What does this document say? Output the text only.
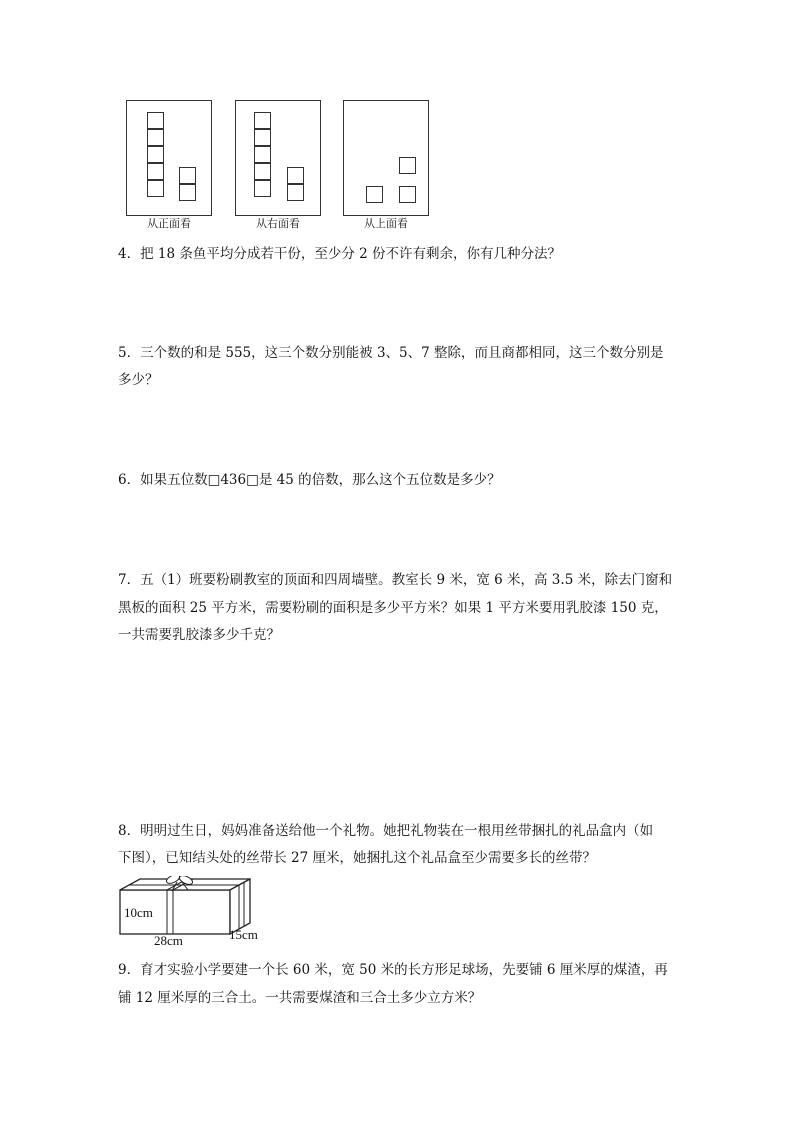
从正面看	从右面看	从上面看
4．把 18 条鱼平均分成若干份，至少分 2 份不许有剩余，你有几种分法？
5．三个数的和是 555，这三个数分别能被 3、5、7 整除，而且商都相同，这三个数分别是
多少？
6．如果五位数□436□是 45 的倍数，那么这个五位数是多少？
7．五（1）班要粉刷教室的顶面和四周墙壁。教室长 9 米，宽 6 米，高 3.5 米，除去门窗和
黑板的面积 25 平方米，需要粉刷的面积是多少平方米？如果 1 平方米要用乳胶漆 150 克，
一共需要乳胶漆多少千克？
8．明明过生日，妈妈准备送给他一个礼物。她把礼物装在一根用丝带捆扎的礼品盒内（如
下图），已知结头处的丝带长 27 厘米，她捆扎这个礼品盒至少需要多长的丝带？
10cm
28cm	15cm
9．育才实验小学要建一个长 60 米，宽 50 米的长方形足球场，先要铺 6 厘米厚的煤渣，再
铺 12 厘米厚的三合土。一共需要煤渣和三合土多少立方米？
